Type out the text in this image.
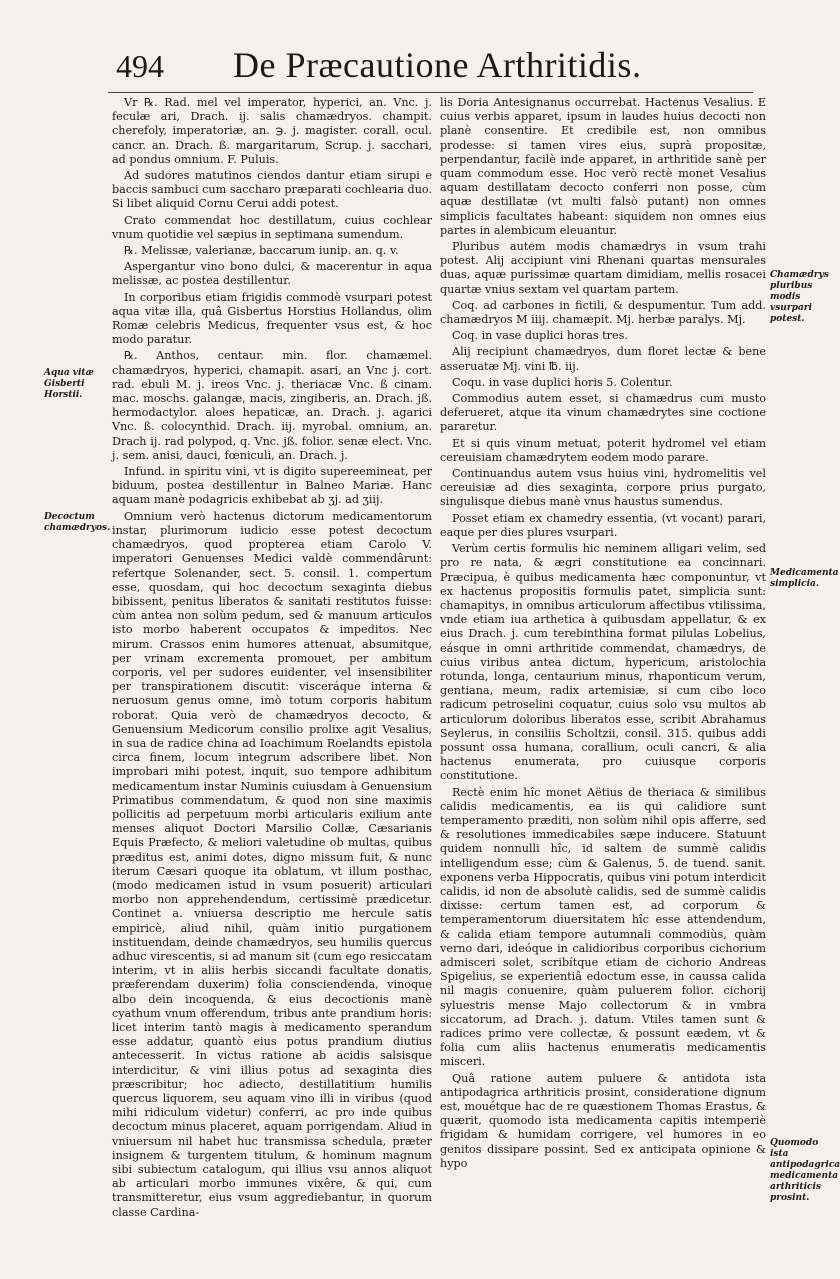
494 De Præcautione Arthritidis.
Aqua vitæ Gisberti Horstii.
Decoctum chamædryos.
Chamædrys pluribus modis vsurpari potest.
Medicamenta simplicia.
Quomodo ista antipodagrica medicamenta arthriticis prosint.

Vr ℞. Rad. mel vel imperator, hyperici, an. Vnc. j. feculæ ari, Drach. ij. salis chamædryos. champit. cherefoly, imperatoriæ, an. ℈. j. magister. corall. ocul. cancr. an. Drach. ß. margaritarum, Scrup. j. sacchari, ad pondus omnium. F. Puluis.

Ad sudores matutinos ciendos dantur etiam sirupi e baccis sambuci cum saccharo præparati cochlearia duo. Si libet aliquid Cornu Cerui addi potest.

Crato commendat hoc destillatum, cuius cochlear vnum quotidie vel sæpius in septimana sumendum.

℞. Melissæ, valerianæ, baccarum iunip. an. q. v.

Aspergantur vino bono dulci, & macerentur in aqua melissæ, ac postea destillentur.

In corporibus etiam frigidis commodè vsurpari potest aqua vitæ illa, quâ Gisbertus Horstius Hollandus, olim Romæ celebris Medicus, frequenter vsus est, & hoc modo paratur.

℞. Anthos, centaur. min. flor. chamæmel. chamædryos, hyperici, chamapit. asari, an Vnc j. cort. rad. ebuli M. j. ireos Vnc. j. theriacæ Vnc. ß cinam. mac. moschs. galangæ, macis, zingiberis, an. Drach. jß. hermodactylor. aloes hepaticæ, an. Drach. j. agarici Vnc. ß. colocynthid. Drach. iij. myrobal. omnium, an. Drach ij. rad polypod, q. Vnc. jß. folior. senæ elect. Vnc. j. sem. anisi, dauci, fœniculi, an. Drach. j.

Infund. in spiritu vini, vt is digito supereemineat, per biduum, postea destillentur in Balneo Mariæ. Hanc aquam manè podagricis exhibebat ab ʒj. ad ʒiij.

Omnium verò hactenus dictorum medicamentorum instar, plurimorum iudicio esse potest decoctum chamædryos, quod propterea etiam Carolo V. imperatori Genuenses Medici valdè commendârunt: refertque Solenander, sect. 5. consil. 1. compertum esse, quosdam, qui hoc decoctum sexaginta diebus bibissent, penitus liberatos & sanitati restitutos fuisse: cùm antea non solùm pedum, sed & manuum articulos isto morbo haberent occupatos & impeditos. Nec mirum. Crassos enim humores attenuat, absumitque, per vrinam excrementa promouet, per ambitum corporis, vel per sudores euidenter, vel insensibiliter per transpirationem discutit: visceráque interna & neruosum genus omne, imò totum corporis habitum roborat. Quia verò de chamædryos decocto, & Genuensium Medicorum consilio prolixe agit Vesalius, in sua de radice china ad Ioachimum Roelandts epistola circa finem, locum integrum adscribere libet. Non improbari mihi potest, inquit, suo tempore adhibitum medicamentum instar Numinis cuiusdam à Genuensium Primatibus commendatum, & quod non sine maximis pollicitis ad perpetuum morbi articularis exilium ante menses aliquot Doctori Marsilio Collæ, Cæsarianis Equis Præfecto, & meliori valetudine ob multas, quibus præditus est, animi dotes, digno missum fuit, & nunc iterum Cæsari quoque ita oblatum, vt illum posthac, (modo medicamen istud in vsum posuerit) articulari morbo non apprehendendum, certissimè prædicetur. Continet a. vniuersa descriptio me hercule satis empiricè, aliud nihil, quàm initio purgationem instituendam, deinde chamædryos, seu humilis quercus adhuc virescentis, si ad manum sit (cum ego resiccatam interim, vt in aliis herbis siccandi facultate donatis, præferendam duxerim) folia consciendenda, vinoque albo dein incoquenda, & eius decoctionis manè cyathum vnum offerendum, tribus ante prandium horis: licet interim tantò magis à medicamento sperandum esse addatur, quantò eius potus prandium diutius antecesserit. In victus ratione ab acidis salsisque interdicitur, & vini illius potus ad sexaginta dies præscribitur; hoc adiecto, destillatitium humilis quercus liquorem, seu aquam vino illi in viribus (quod mihi ridiculum videtur) conferri, ac pro inde quibus decoctum minus placeret, aquam porrigendam. Aliud in vniuersum nil habet huc transmissa schedula, præter insignem & turgentem titulum, & hominum magnum sibi subiectum catalogum, qui illius vsu annos aliquot ab articulari morbo immunes vixêre, & qui, cum transmitteretur, eius vsum aggrediebantur, in quorum classe Cardina-

lis Doria Antesignanus occurrebat. Hactenus Vesalius. E cuius verbis apparet, ipsum in laudes huius decocti non planè consentire. Et credibile est, non omnibus prodesse: si tamen vires eius, suprà propositæ, perpendantur, facilè inde apparet, in arthritide sanè per quam commodum esse. Hoc verò rectè monet Vesalius aquam destillatam decocto conferri non posse, cùm aquæ destillatæ (vt multi falsò putant) non omnes simplicis facultates habeant: siquidem non omnes eius partes in alembicum eleuantur.

Pluribus autem modis chamædrys in vsum trahi potest. Alij accipiunt vini Rhenani quartas mensurales duas, aquæ purissimæ quartam dimidiam, mellis rosacei quartæ vnius sextam vel quartam partem.

Coq. ad carbones in fictili, & despumentur. Tum add. chamædryos M iiij. chamæpit. Mj. herbæ paralys. Mj.

Coq. in vase duplici horas tres.

Alij recipiunt chamædryos, dum floret lectæ & bene asseruatæ Mj. vini ℔. iij.

Coqu. in vase duplici horis 5. Colentur.

Commodius autem esset, si chamædrus cum musto deferueret, atque ita vinum chamædrytes sine coctione pararetur.

Et si quis vinum metuat, poterit hydromel vel etiam cereuisiam chamædrytem eodem modo parare.

Continuandus autem vsus huius vini, hydromelitis vel cereuisiæ ad dies sexaginta, corpore prius purgato, singulisque diebus manè vnus haustus sumendus.

Posset etiam ex chamedry essentia, (vt vocant) parari, eaque per dies plures vsurpari.

Verùm certis formulis hic neminem alligari velim, sed pro re nata, & ægri constitutione ea concinnari. Præcipua, è quibus medicamenta hæc componuntur, vt ex hactenus propositis formulis patet, simplicia sunt: chamapitys, in omnibus articulorum affectibus vtilissima, vnde etiam iua arthetica à quibusdam appellatur, & ex eius Drach. j. cum terebinthina format pilulas Lobelius, eásque in omni arthritide commendat, chamædrys, de cuius viribus antea dictum, hypericum, aristolochia rotunda, longa, centaurium minus, rhaponticum verum, gentiana, meum, radix artemisiæ, si cum cibo loco radicum petroselini coquatur, cuius solo vsu multos ab articulorum doloribus liberatos esse, scribit Abrahamus Seylerus, in consiliis Scholtzii, consil. 315. quibus addi possunt ossa humana, corallium, oculi cancri, & alia hactenus enumerata, pro cuiusque corporis constitutione.

Rectè enim hîc monet Aëtius de theriaca & similibus calidis medicamentis, ea iis qui calidiore sunt temperamento præditi, non solùm nihil opis afferre, sed & resolutiones immedicabiles sæpe inducere. Statuunt quidem nonnulli hîc, id saltem de summè calidis intelligendum esse; cùm & Galenus, 5. de tuend. sanit. exponens verba Hippocratis, quibus vini potum interdicit calidis, id non de absolutè calidis, sed de summè calidis dixisse: certum tamen est, ad corporum & temperamentorum diuersitatem hîc esse attendendum, & calida etiam tempore autumnali commodiùs, quàm verno dari, ideóque in calidioribus corporibus cichorium admisceri solet, scribítque etiam de cichorio Andreas Spigelius, se experientiâ edoctum esse, in caussa calida nil magis conuenire, quàm puluerem folior. cichorij syluestris mense Majo collectorum & in vmbra siccatorum, ad Drach. j. datum. Vtiles tamen sunt & radices primo vere collectæ, & possunt eædem, vt & folia cum aliis hactenus enumeratis medicamentis misceri.

Quâ ratione autem puluere & antidota ista antipodagrica arthriticis prosint, consideratione dignum est, mouétque hac de re quæstionem Thomas Erastus, & quærit, quomodo ista medicamenta capitis intemperiè frigidam & humidam corrigere, vel humores in eo genitos dissipare possint. Sed ex anticipata opinione & hypo
